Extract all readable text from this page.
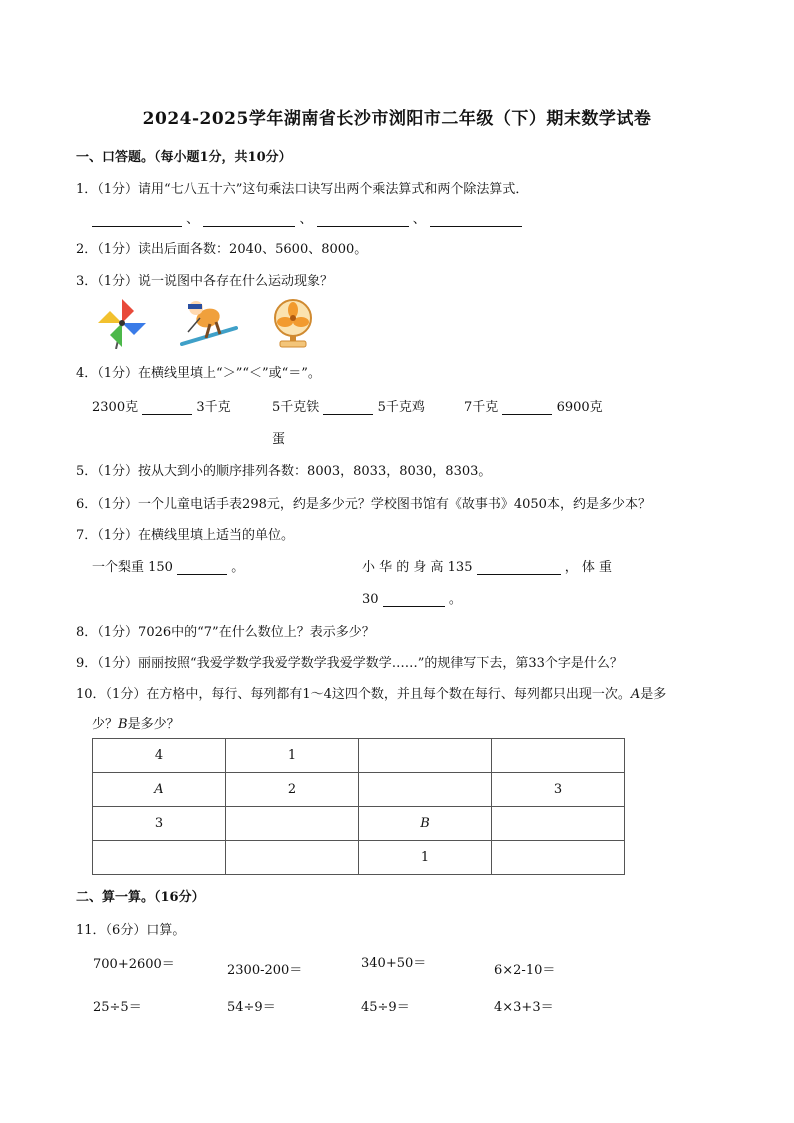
2024-2025学年湖南省长沙市浏阳市二年级（下）期末数学试卷
一、口答题。（每小题1分，共10分）
1．（1分）请用“七八五十六”这句乘法口诀写出两个乘法算式和两个除法算式．
、	、	、
2．（1分）读出后面各数：2040、5600、8000。
3．（1分）说一说图中各存在什么运动现象？
4．（1分）在横线里填上“＞”“＜”或“＝”。
2300克	3千克	5千克铁	5千克鸡	7千克	6900克
蛋
5．（1分）按从大到小的顺序排列各数：8003，8033，8030，8303。
6．（1分）一个儿童电话手表298元，约是多少元？学校图书馆有《故事书》4050本，约是多少本？
7．（1分）在横线里填上适当的单位。
一个梨重 150	。	小 华 的 身 高 135	， 体 重
30	。
8．（1分）7026中的“7”在什么数位上？表示多少？
9．（1分）丽丽按照“我爱学数学我爱学数学我爱学数学……”的规律写下去，第33个字是什么？
10．（1分）在方格中，每行、每列都有1～4这四个数，并且每个数在每行、每列都只出现一次。A是多
少？B是多少？
4	1		
A	2		3
3		B	
		1	
二、算一算。（16分）
11．（6分）口算。
700+2600＝	2300-200＝	340+50＝	6×2-10＝
25÷5＝	54÷9＝	45÷9＝	4×3+3＝
